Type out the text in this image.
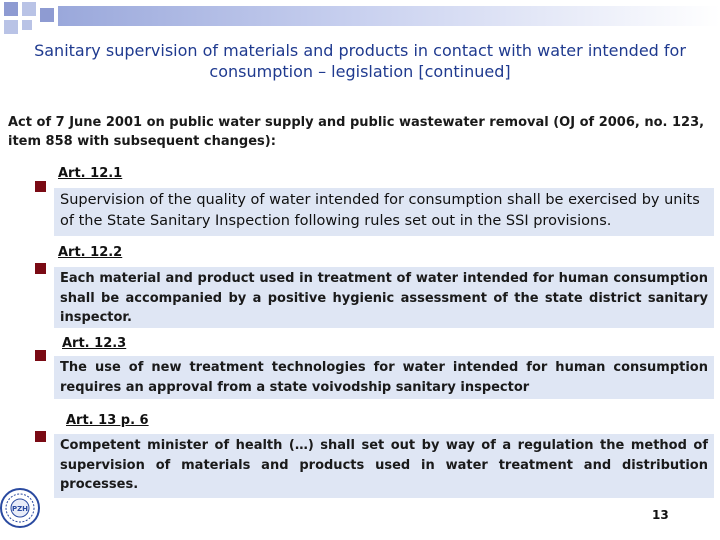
Sanitary supervision of materials and products in contact with water intended for consumption – legislation [continued]
Act of 7 June 2001 on public water supply and public wastewater removal (OJ of 2006, no. 123, item 858 with subsequent changes):
Art. 12.1
Supervision of the quality of water intended for consumption shall be exercised by units of the State Sanitary Inspection following rules set out in the SSI provisions.
Art. 12.2
Each material and product used in treatment of water intended for human consumption shall be accompanied by a positive hygienic assessment of the state district sanitary inspector.
Art. 12.3
The use of new treatment technologies for water intended for human consumption requires an approval from a state voivodship sanitary inspector
Art. 13 p. 6
Competent minister of health (…) shall set out by way of a regulation the method of supervision of materials and products used in water treatment and distribution processes.
PZH	13
